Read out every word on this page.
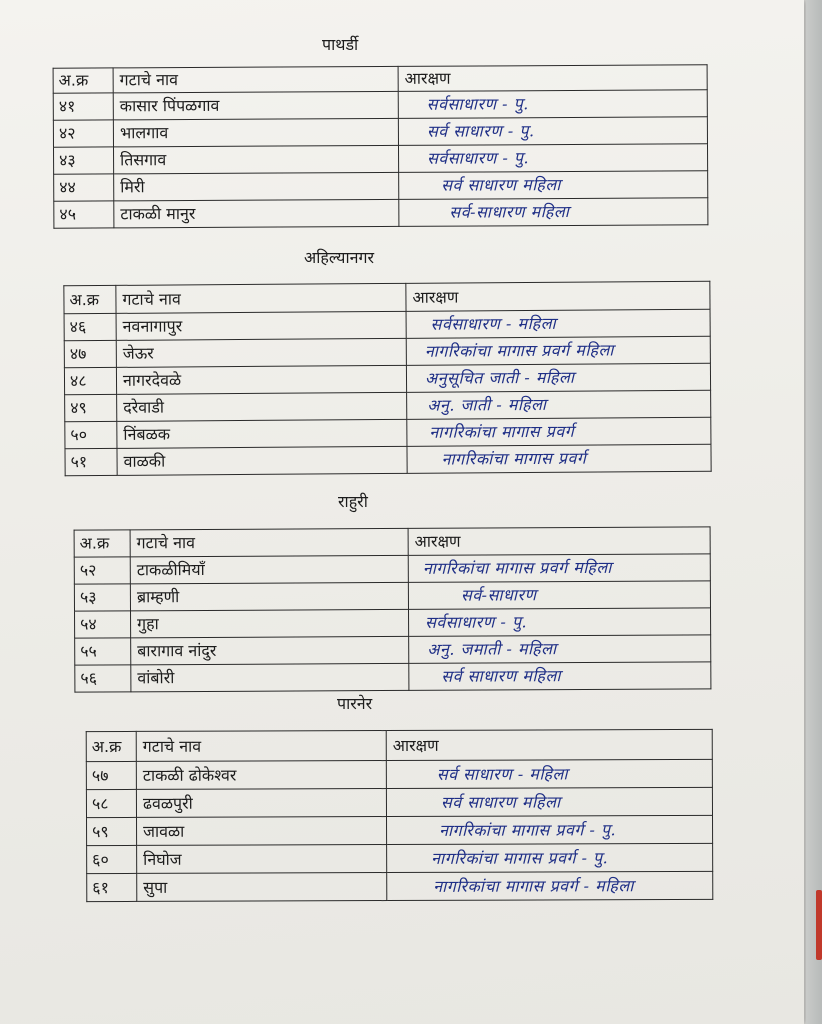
पाथर्डी
अ.क्र	गटाचे नाव	आरक्षण
४१	कासार पिंपळगाव	सर्वसाधारण - पु.
४२	भालगाव	सर्व साधारण - पु.
४३	तिसगाव	सर्वसाधारण - पु.
४४	मिरी	सर्व साधारण महिला
४५	टाकळी मानुर	सर्व-साधारण महिला
अहिल्यानगर
अ.क्र	गटाचे नाव	आरक्षण
४६	नवनागापुर	सर्वसाधारण - महिला
४७	जेऊर	नागरिकांचा मागास प्रवर्ग महिला
४८	नागरदेवळे	अनुसूचित जाती - महिला
४९	दरेवाडी	अनु. जाती - महिला
५०	निंबळक	नागरिकांचा मागास प्रवर्ग
५१	वाळकी	नागरिकांचा मागास प्रवर्ग
राहुरी
अ.क्र	गटाचे नाव	आरक्षण
५२	टाकळीमियाँ	नागरिकांचा मागास प्रवर्ग महिला
५३	ब्राम्हणी	सर्व-साधारण
५४	गुहा	सर्वसाधारण - पु.
५५	बारागाव नांदुर	अनु. जमाती - महिला
५६	वांबोरी	सर्व साधारण महिला
पारनेर
अ.क्र	गटाचे नाव	आरक्षण
५७	टाकळी ढोकेश्वर	सर्व साधारण - महिला
५८	ढवळपुरी	सर्व साधारण महिला
५९	जावळा	नागरिकांचा मागास प्रवर्ग - पु.
६०	निघोज	नागरिकांचा मागास प्रवर्ग - पु.
६१	सुपा	नागरिकांचा मागास प्रवर्ग - महिला
